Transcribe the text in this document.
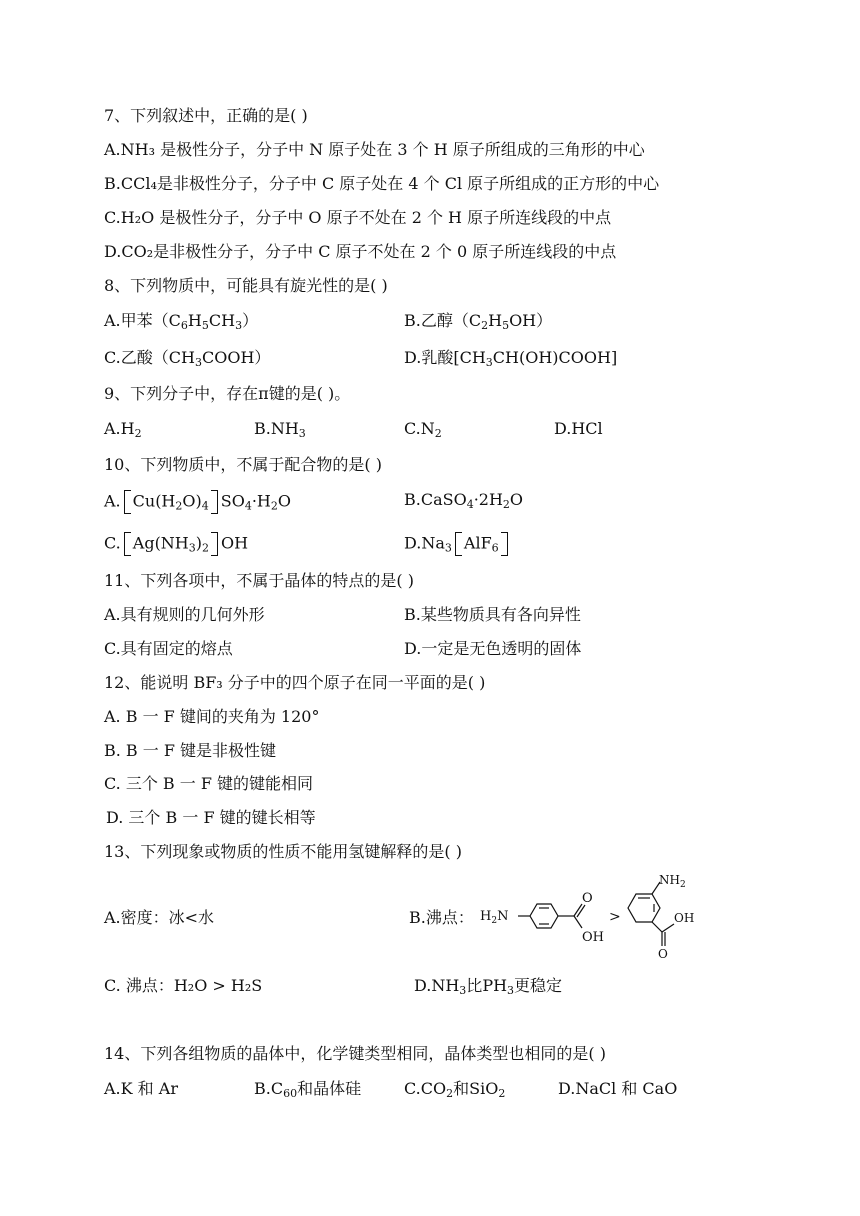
7、下列叙述中，正确的是( )
A.NH₃ 是极性分子，分子中 N 原子处在 3 个 H 原子所组成的三角形的中心
B.CCl₄是非极性分子，分子中 C 原子处在 4 个 Cl 原子所组成的正方形的中心
C.H₂O 是极性分子，分子中 O 原子不处在 2 个 H 原子所连线段的中点
D.CO₂是非极性分子，分子中 C 原子不处在 2 个 0 原子所连线段的中点
8、下列物质中，可能具有旋光性的是( )
A.甲苯$(C_6H_5CH_3)$	B.乙醇$(C_2H_5OH)$
C.乙酸$(CH_3COOH)$	D.乳酸$[CH_3CH(OH)COOH]$
9、下列分子中，存在π键的是( )。
$A.H_2$	$B.NH_3$	$C.N_2$	D.HCl
10、下列物质中，不属于配合物的是( )
A. $Cu(H_2O)_4$ $SO_4\cdot H_2O$	$B.CaSO_4\cdot 2H_2O$
C. $Ag(NH_3)_2$ OH	$D.Na_3$ AlF$_6$
11、下列各项中，不属于晶体的特点的是( )
A.具有规则的几何外形	B.某些物质具有各向异性
C.具有固定的熔点	D.一定是无色透明的固体
12、能说明 BF₃ 分子中的四个原子在同一平面的是( )
A. B 一 F 键间的夹角为 120°
B. B 一 F 键是非极性键
C. 三个 B 一 F 键的键能相同
D. 三个 B 一 F 键的键长相等
13、下列现象或物质的性质不能用氢键解释的是( )
A.密度：冰<水	B.沸点： $H_2N$
O
OH
>
$NH_2$
OH
O
C. 沸点：H₂O > H₂S	$D.NH_3$比$PH_3$更稳定
14、下列各组物质的晶体中，化学键类型相同，晶体类型也相同的是( )
A.K 和 Ar	$B.C_{60}$和晶体硅	$C.CO_2$和SiO$_2$	D.NaCl 和 CaO
